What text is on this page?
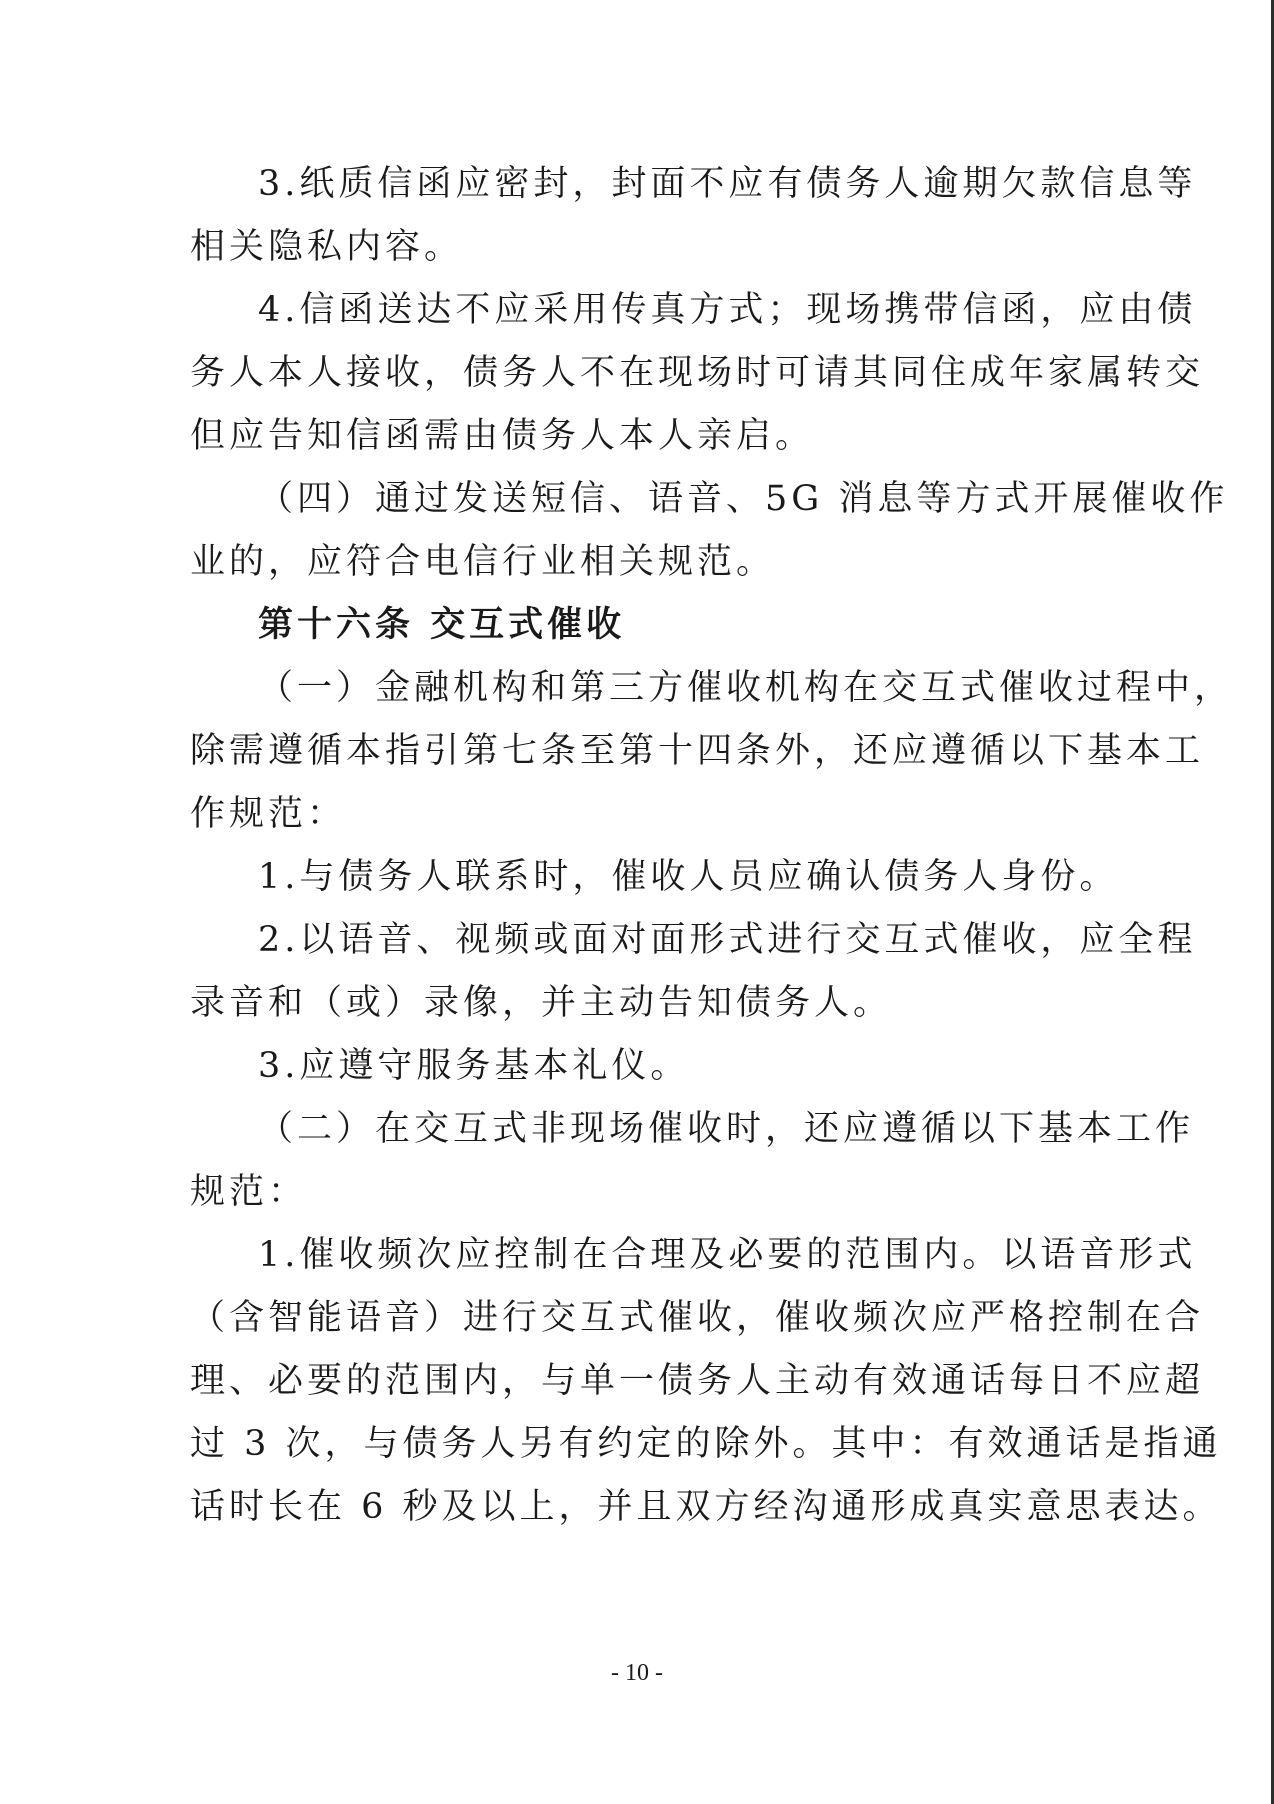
3.纸质信函应密封，封面不应有债务人逾期欠款信息等
相关隐私内容。
4.信函送达不应采用传真方式；现场携带信函，应由债
务人本人接收，债务人不在现场时可请其同住成年家属转交
但应告知信函需由债务人本人亲启。
（四）通过发送短信、语音、5G 消息等方式开展催收作
业的，应符合电信行业相关规范。
第十六条 交互式催收
（一）金融机构和第三方催收机构在交互式催收过程中，
除需遵循本指引第七条至第十四条外，还应遵循以下基本工
作规范：
1.与债务人联系时，催收人员应确认债务人身份。
2.以语音、视频或面对面形式进行交互式催收，应全程
录音和（或）录像，并主动告知债务人。
3.应遵守服务基本礼仪。
（二）在交互式非现场催收时，还应遵循以下基本工作
规范：
1.催收频次应控制在合理及必要的范围内。以语音形式
（含智能语音）进行交互式催收，催收频次应严格控制在合
理、必要的范围内，与单一债务人主动有效通话每日不应超
过 3 次，与债务人另有约定的除外。其中：有效通话是指通
话时长在 6 秒及以上，并且双方经沟通形成真实意思表达。
- 10 -
